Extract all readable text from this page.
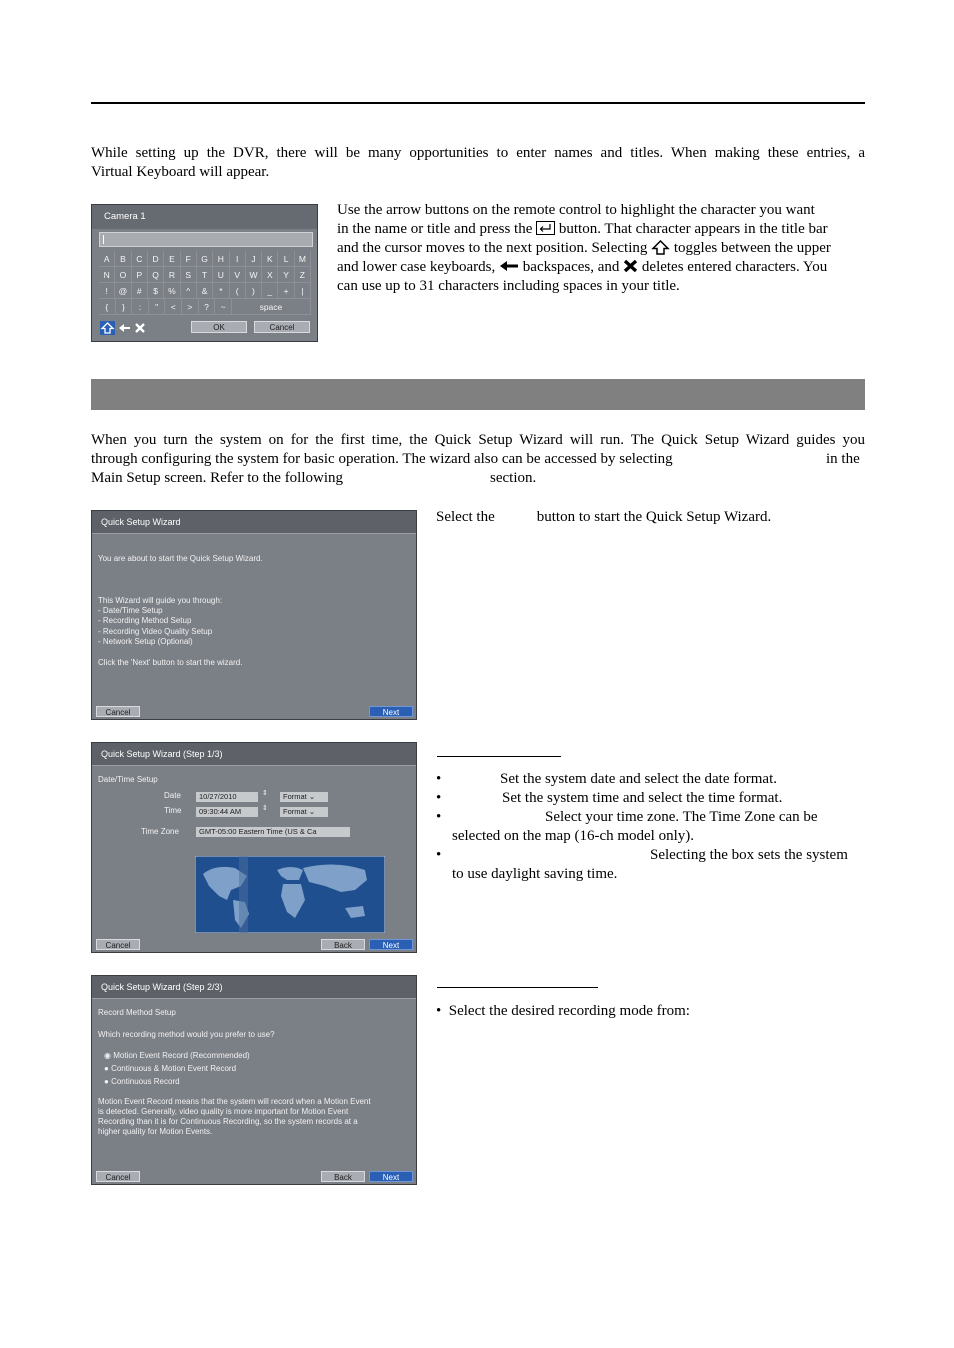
While setting up the DVR, there will be many opportunities to enter names and titles. When making these entries, a
Virtual Keyboard will appear.
Camera 1
A	B	C	D	E	F	G	H	I	J	K	L	M
N	O	P	Q	R	S	T	U	V	W	X	Y	Z
!	@	#	$	%	^	&	*	(	)	_	+	|
{	}	:	"	<	>	?	~	space
OK	Cancel
Use the arrow buttons on the remote control to highlight the character you want
in the name or title and press the button. That character appears in the title bar
and the cursor moves to the next position. Selecting toggles between the upper
and lower case keyboards, backspaces, and deletes entered characters. You
can use up to 31 characters including spaces in your title.
When you turn the system on for the first time, the Quick Setup Wizard will run. The Quick Setup Wizard guides you
through configuring the system for basic operation. The wizard also can be accessed by selecting	in the
Main Setup screen. Refer to the following	section.
Quick Setup Wizard
You are about to start the Quick Setup Wizard.
This Wizard will guide you through:
- Date/Time Setup
- Recording Method Setup
- Recording Video Quality Setup
- Network Setup (Optional)
Click the 'Next' button to start the wizard.
Cancel	Next
Select the	button to start the Quick Setup Wizard.
Quick Setup Wizard (Step 1/3)
Date/Time Setup
Date	10/27/2010	⇕	Format ⌄
Time	09:30:44 AM	⇕	Format ⌄
Time Zone	GMT-05:00 Eastern Time (US & Ca

Cancel	Back	Next
•	Set the system date and select the date format.
•	Set the system time and select the time format.
•	Select your time zone. The Time Zone can be
selected on the map (16-ch model only).
•	Selecting the box sets the system
to use daylight saving time.
Quick Setup Wizard (Step 2/3)
Record Method Setup
Which recording method would you prefer to use?
◉ Motion Event Record (Recommended)
● Continuous & Motion Event Record
● Continuous Record
Motion Event Record means that the system will record when a Motion Event
is detected. Generally, video quality is more important for Motion Event
Recording than it is for Continuous Recording, so the system records at a
higher quality for Motion Events.
Cancel	Back	Next
•  Select the desired recording mode from:
